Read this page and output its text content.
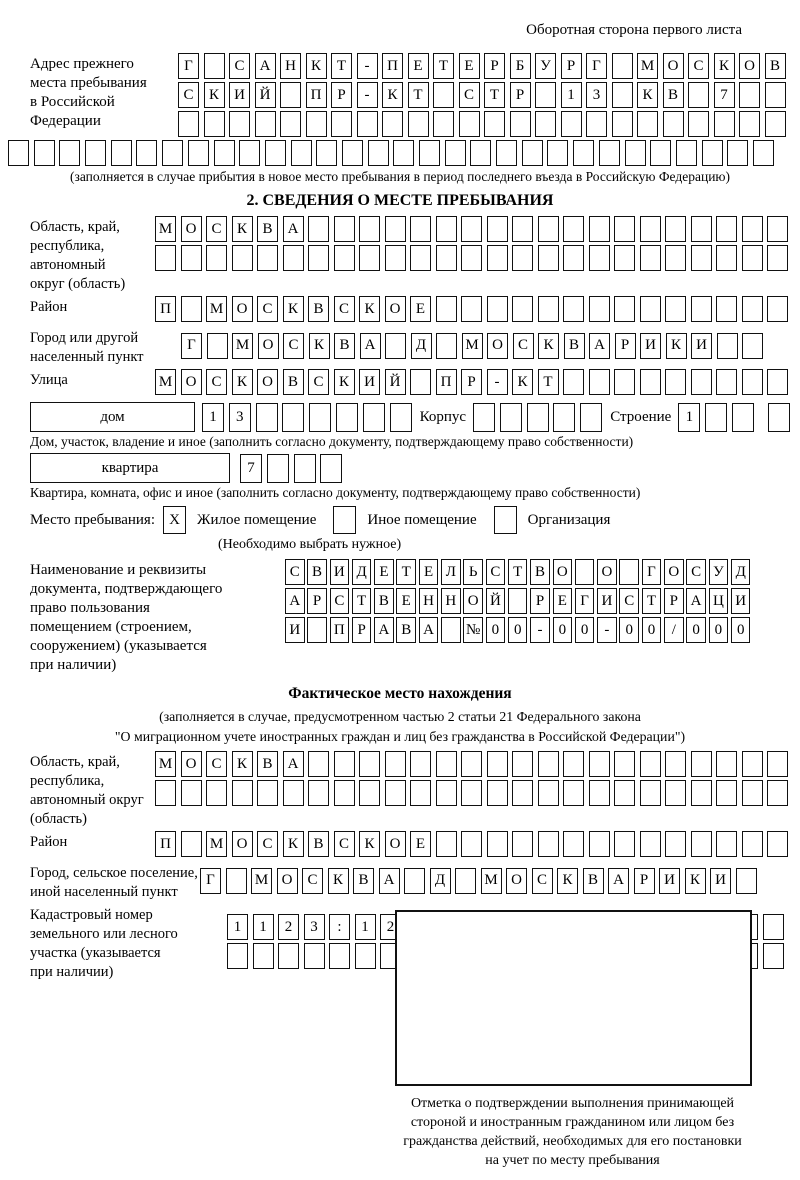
Оборотная сторона первого листа
Адрес прежнего
места пребывания
в Российской
Федерации
Г	С	А Н	К	Т	-	П	Е	Т	Е	Р	Б	У	Р	Г	М О	С	К	О	В
С	К	И Й	П	Р	-	К	Т	С	Т	Р	1	3	К	В	7
(заполняется в случае прибытия в новое место пребывания в период последнего въезда в Российскую Федерацию)
2. СВЕДЕНИЯ О МЕСТЕ ПРЕБЫВАНИЯ
Область, край,
республика,
автономный
округ (область)
М О	С	К	В	А
Район	П	М О	С	К	В	С	К	О	Е
Город или другой
населенный пункт
Г	М О	С	К	В	А	Д	М О	С	К	В	А	Р	И	К	И
Улица	М О	С	К	О	В	С	К	И Й	П	Р	-	К	Т
дом	1	3	Корпус	Строение 1
Дом, участок, владение и иное (заполнить согласно документу, подтверждающему право собственности)
квартира	7
Квартира, комната, офис и иное (заполнить согласно документу, подтверждающему право собственности)
Место пребывания: X	Жилое помещение	Иное помещение	Организация
(Необходимо выбрать нужное)
Наименование и реквизиты
документа, подтверждающего
право пользования
помещением (строением,
сооружением) (указывается
при наличии)
С В И Д Е Т Е Л Ь С Т В О О	Г О С У Д
А Р С Т В Е Н Н О Й	Р Е Г И С Т Р А Ц И
И П Р А В А № 0 0	-	0 0	-	0 0	/	0 0 0
Фактическое место нахождения
(заполняется в случае, предусмотренном частью 2 статьи 21 Федерального закона
"О миграционном учете иностранных граждан и лиц без гражданства в Российской Федерации")
Область, край,
республика,
автономный округ
(область)
М О	С	К	В	А
Район	П	М О	С	К	В	С	К	О	Е
Город, сельское поселение,
иной населенный пункт
Г	М О	С	К	В	А	Д	М О	С	К	В	А	Р	И	К	И
Кадастровый номер
земельного или лесного
участка (указывается
при наличии)
1	1	2	3	:	1	2
Отметка о подтверждении выполнения принимающей
стороной и иностранным гражданином или лицом без
гражданства действий, необходимых для его постановки
на учет по месту пребывания
